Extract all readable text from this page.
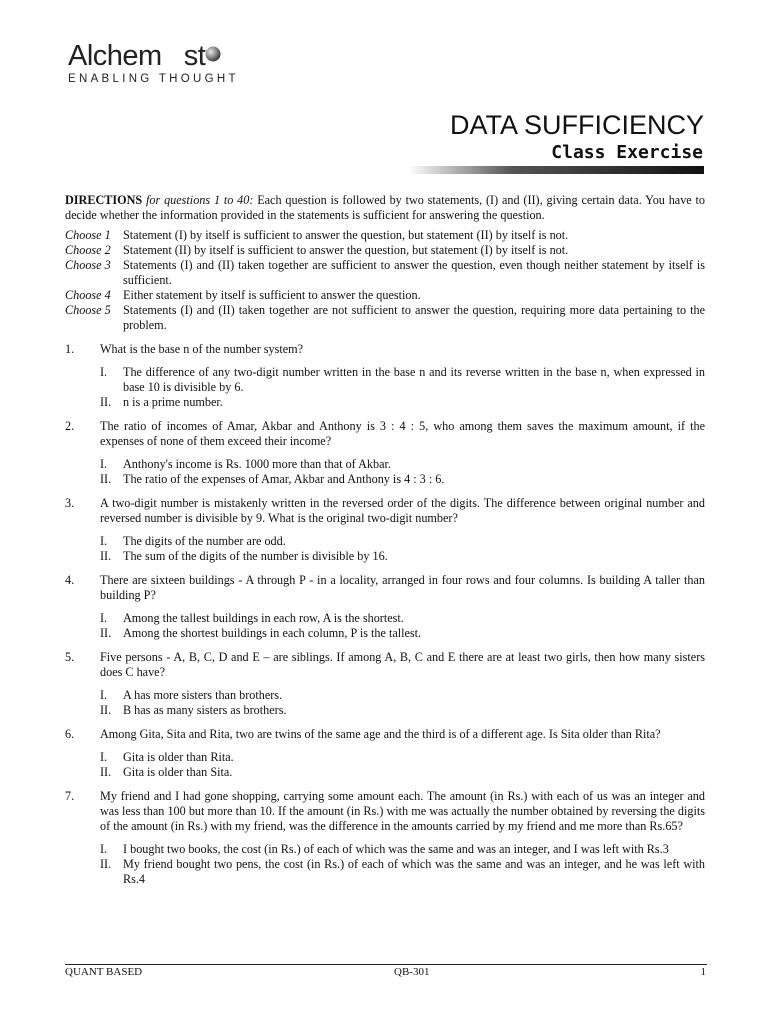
Alchem st
ENABLING THOUGHT
DATA SUFFICIENCY
Class Exercise

DIRECTIONS for questions 1 to 40: Each question is followed by two statements, (I) and (II), giving certain data. You have to decide whether the information provided in the statements is sufficient for answering the question.

Choose 1	Statement (I) by itself is sufficient to answer the question, but statement (II) by itself is not.
Choose 2	Statement (II) by itself is sufficient to answer the question, but statement (I) by itself is not.
Choose 3	Statements (I) and (II) taken together are sufficient to answer the question, even though neither statement by itself is sufficient.
Choose 4	Either statement by itself is sufficient to answer the question.
Choose 5	Statements (I) and (II) taken together are not sufficient to answer the question, requiring more data pertaining to the problem.
1.	What is the base n of the number system?
I.	The difference of any two-digit number written in the base n and its reverse written in the base n, when expressed in base 10 is divisible by 6.
II. n is a prime number.
2.	The ratio of incomes of Amar, Akbar and Anthony is 3 : 4 : 5, who among them saves the maximum amount, if the expenses of none of them exceed their income?
I.	Anthony's income is Rs. 1000 more than that of Akbar.
II. The ratio of the expenses of Amar, Akbar and Anthony is 4 : 3 : 6.
3.	A two-digit number is mistakenly written in the reversed order of the digits. The difference between original number and reversed number is divisible by 9. What is the original two-digit number?
I.	The digits of the number are odd.
II. The sum of the digits of the number is divisible by 16.
4.	There are sixteen buildings - A through P - in a locality, arranged in four rows and four columns. Is building A taller than building P?
I.	Among the tallest buildings in each row, A is the shortest.
II. Among the shortest buildings in each column, P is the tallest.
5.	Five persons - A, B, C, D and E – are siblings. If among A, B, C and E there are at least two girls, then how many sisters does C have?
I.	A has more sisters than brothers.
II. B has as many sisters as brothers.
6.	Among Gita, Sita and Rita, two are twins of the same age and the third is of a different age. Is Sita older than Rita?
I.	Gita is older than Rita.
II. Gita is older than Sita.
7.	My friend and I had gone shopping, carrying some amount each. The amount (in Rs.) with each of us was an integer and was less than 100 but more than 10. If the amount (in Rs.) with me was actually the number obtained by reversing the digits of the amount (in Rs.) with my friend, was the difference in the amounts carried by my friend and me more than Rs.65?
I.	I bought two books, the cost (in Rs.) of each of which was the same and was an integer, and I was left with Rs.3
II. My friend bought two pens, the cost (in Rs.) of each of which was the same and was an integer, and he was left with Rs.4
QUANT BASED	QB-301	1
